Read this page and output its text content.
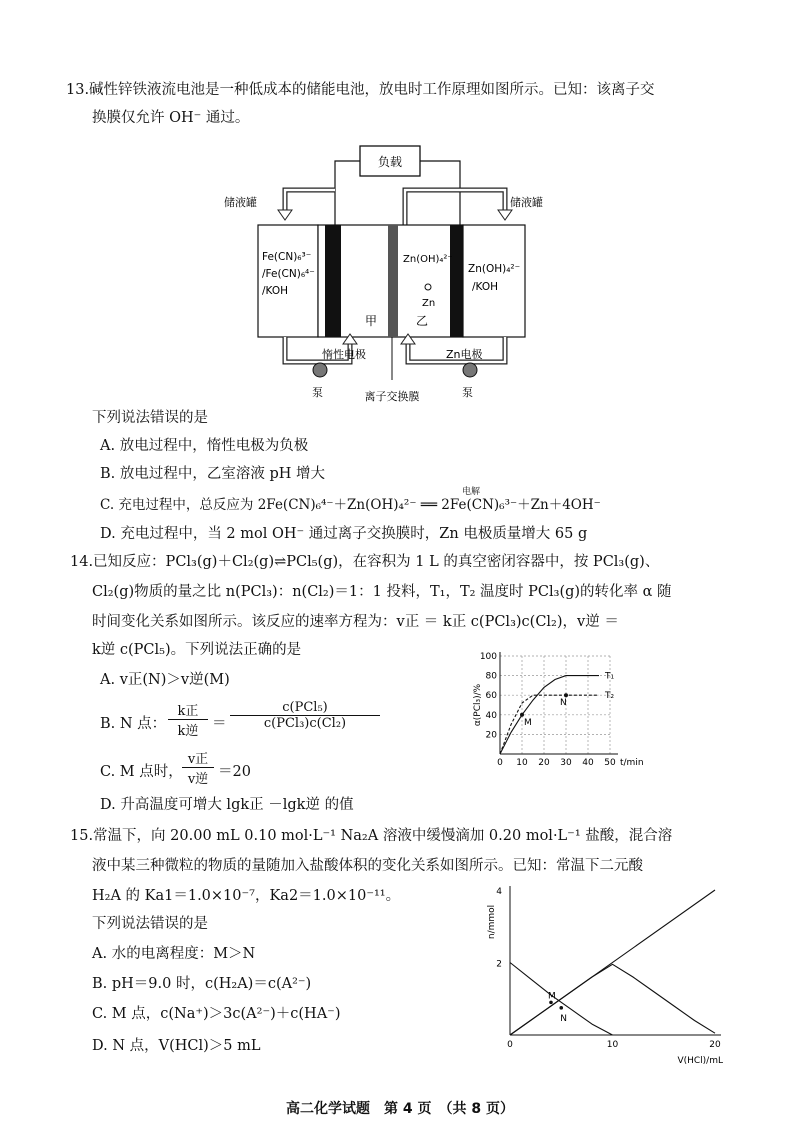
13.碱性锌铁液流电池是一种低成本的储能电池，放电时工作原理如图所示。已知：该离子交
换膜仅允许 OH⁻ 通过。
负载
储液罐	储液罐
Fe(CN)₆³⁻
/Fe(CN)₆⁴⁻
/KOH
Zn(OH)₄²⁻
Zn
甲	乙
Zn(OH)₄²⁻
/KOH
惰性电极	Zn电极
泵	泵
离子交换膜
下列说法错误的是
A. 放电过程中，惰性电极为负极
B. 放电过程中，乙室溶液 pH 增大
C. 充电过程中，总反应为 2Fe(CN)₆⁴⁻＋Zn(OH)₄²⁻ ══ 2Fe(CN)₆³⁻＋Zn＋4OH⁻
电解
D. 充电过程中，当 2 mol OH⁻ 通过离子交换膜时，Zn 电极质量增大 65 g
14.已知反应：PCl₃(g)＋Cl₂(g)⇌PCl₅(g)，在容积为 1 L 的真空密闭容器中，按 PCl₃(g)、
Cl₂(g)物质的量之比 n(PCl₃)：n(Cl₂)＝1：1 投料，T₁，T₂ 温度时 PCl₃(g)的转化率 α 随
时间变化关系如图所示。该反应的速率方程为：v正 ＝ k正 c(PCl₃)c(Cl₂)，v逆 ＝
k逆 c(PCl₅)。下列说法正确的是
A. v正(N)＞v逆(M)
B. N 点：
k正
k逆 ＝
c(PCl₅)
c(PCl₃)c(Cl₂)
C. M 点时，
v正
v逆 ＝20
D. 升高温度可增大 lgk正 －lgk逆 的值
20
40
60
80
100
0 10 20 30 40 50 t/min
α(PCl₃)/%
T₁
T₂
M
N
15.常温下，向 20.00 mL 0.10 mol·L⁻¹ Na₂A 溶液中缓慢滴加 0.20 mol·L⁻¹ 盐酸，混合溶
液中某三种微粒的物质的量随加入盐酸体积的变化关系如图所示。已知：常温下二元酸
H₂A 的 Ka1＝1.0×10⁻⁷，Ka2＝1.0×10⁻¹¹。
下列说法错误的是
A. 水的电离程度：M＞N
B. pH＝9.0 时，c(H₂A)＝c(A²⁻)
C. M 点，c(Na⁺)＞3c(A²⁻)＋c(HA⁻)
D. N 点，V(HCl)＞5 mL
2
4
0	10	20
V(HCl)/mL
n/mmol
M
N
高二化学试题　第 4 页　（共 8 页）
